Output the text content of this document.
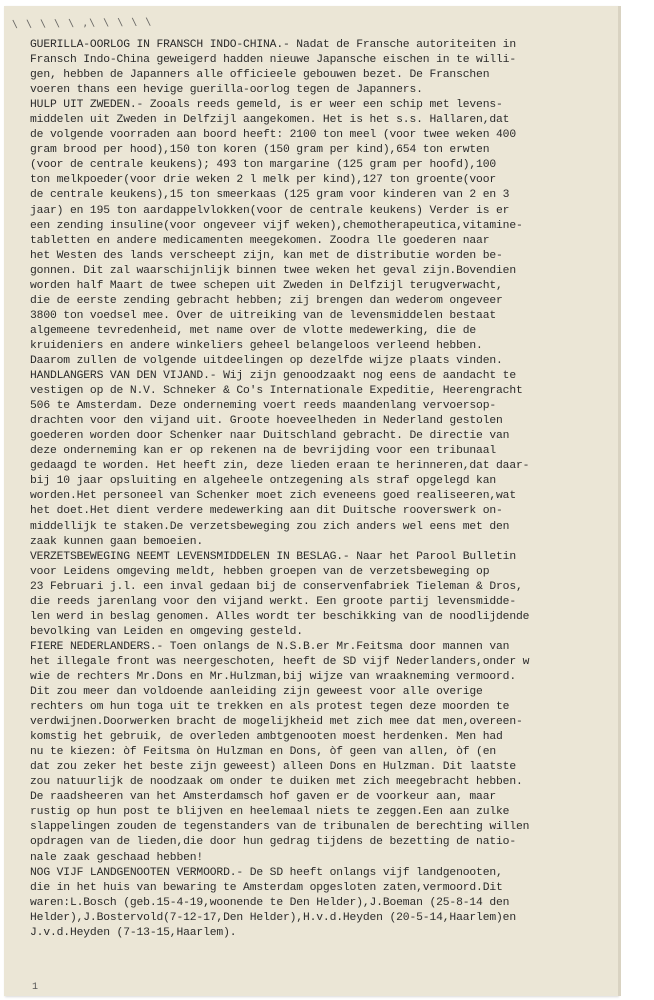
\ \ \ \ \ ,\ \ \ \ \
GUERILLA-OORLOG IN FRANSCH INDO-CHINA.- Nadat de Fransche autoriteiten in
Fransch Indo-China geweigerd hadden nieuwe Japansche eischen in te willi-
gen, hebben de Japanners alle officieele gebouwen bezet. De Franschen
voeren thans een hevige guerilla-oorlog tegen de Japanners.
HULP UIT ZWEDEN.- Zooals reeds gemeld, is er weer een schip met levens-
middelen uit Zweden in Delfzijl aangekomen. Het is het s.s. Hallaren,dat
de volgende voorraden aan boord heeft: 2100 ton meel (voor twee weken 400
gram brood per hood),150 ton koren (150 gram per kind),654 ton erwten
(voor de centrale keukens); 493 ton margarine (125 gram per hoofd),100
ton melkpoeder(voor drie weken 2 l melk per kind),127 ton groente(voor
de centrale keukens),15 ton smeerkaas (125 gram voor kinderen van 2 en 3
jaar) en 195 ton aardappelvlokken(voor de centrale keukens) Verder is er
een zending insuline(voor ongeveer vijf weken),chemotherapeutica,vitamine-
tabletten en andere medicamenten meegekomen. Zoodra lle goederen naar
het Westen des lands verscheept zijn, kan met de distributie worden be-
gonnen. Dit zal waarschijnlijk binnen twee weken het geval zijn.Bovendien
worden half Maart de twee schepen uit Zweden in Delfzijl terugverwacht,
die de eerste zending gebracht hebben; zij brengen dan wederom ongeveer
3800 ton voedsel mee. Over de uitreiking van de levensmiddelen bestaat
algemeene tevredenheid, met name over de vlotte medewerking, die de
kruideniers en andere winkeliers geheel belangeloos verleend hebben.
Daarom zullen de volgende uitdeelingen op dezelfde wijze plaats vinden.
HANDLANGERS VAN DEN VIJAND.- Wij zijn genoodzaakt nog eens de aandacht te
vestigen op de N.V. Schneker & Co's Internationale Expeditie, Heerengracht
506 te Amsterdam. Deze onderneming voert reeds maandenlang vervoersop-
drachten voor den vijand uit. Groote hoeveelheden in Nederland gestolen
goederen worden door Schenker naar Duitschland gebracht. De directie van
deze onderneming kan er op rekenen na de bevrijding voor een tribunaal
gedaagd te worden. Het heeft zin, deze lieden eraan te herinneren,dat daar-
bij 10 jaar opsluiting en algeheele ontzegening als straf opgelegd kan
worden.Het personeel van Schenker moet zich eveneens goed realiseeren,wat
het doet.Het dient verdere medewerking aan dit Duitsche rooverswerk on-
middellijk te staken.De verzetsbeweging zou zich anders wel eens met den
zaak kunnen gaan bemoeien.
VERZETSBEWEGING NEEMT LEVENSMIDDELEN IN BESLAG.- Naar het Parool Bulletin
voor Leidens omgeving meldt, hebben groepen van de verzetsbeweging op
23 Februari j.l. een inval gedaan bij de conservenfabriek Tieleman & Dros,
die reeds jarenlang voor den vijand werkt. Een groote partij levensmidde-
len werd in beslag genomen. Alles wordt ter beschikking van de noodlijdende
bevolking van Leiden en omgeving gesteld.
FIERE NEDERLANDERS.- Toen onlangs de N.S.B.er Mr.Feitsma door mannen van
het illegale front was neergeschoten, heeft de SD vijf Nederlanders,onder w
wie de rechters Mr.Dons en Mr.Hulzman,bij wijze van wraakneming vermoord.
Dit zou meer dan voldoende aanleiding zijn geweest voor alle overige
rechters om hun toga uit te trekken en als protest tegen deze moorden te
verdwijnen.Doorwerken bracht de mogelijkheid met zich mee dat men,overeen-
komstig het gebruik, de overleden ambtgenooten moest herdenken. Men had
nu te kiezen: òf Feitsma òn Hulzman en Dons, òf geen van allen, òf (en
dat zou zeker het beste zijn geweest) alleen Dons en Hulzman. Dit laatste
zou natuurlijk de noodzaak om onder te duiken met zich meegebracht hebben.
De raadsheeren van het Amsterdamsch hof gaven er de voorkeur aan, maar
rustig op hun post te blijven en heelemaal niets te zeggen.Een aan zulke
slappelingen zouden de tegenstanders van de tribunalen de berechting willen
opdragen van de lieden,die door hun gedrag tijdens de bezetting de natio-
nale zaak geschaad hebben!
NOG VIJF LANDGENOOTEN VERMOORD.- De SD heeft onlangs vijf landgenooten,
die in het huis van bewaring te Amsterdam opgesloten zaten,vermoord.Dit
waren:L.Bosch (geb.15-4-19,woonende te Den Helder),J.Boeman (25-8-14 den
Helder),J.Bostervold(7-12-17,Den Helder),H.v.d.Heyden (20-5-14,Haarlem)en
J.v.d.Heyden (7-13-15,Haarlem).
1
